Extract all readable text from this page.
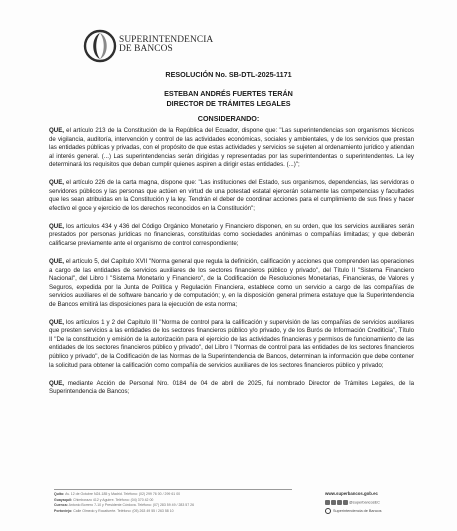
SUPERINTENDENCIA
DE BANCOS
RESOLUCIÓN No. SB-DTL-2025-1171
ESTEBAN ANDRÉS FUERTES TERÁN
DIRECTOR DE TRÁMITES LEGALES
CONSIDERANDO:

QUE, el artículo 213 de la Constitución de la República del Ecuador, dispone que: "Las superintendencias son organismos técnicos de vigilancia, auditoría, intervención y control de las actividades económicas, sociales y ambientales, y de los servicios que prestan las entidades públicas y privadas, con el propósito de que estas actividades y servicios se sujeten al ordenamiento jurídico y atiendan al interés general. (...) Las superintendencias serán dirigidas y representadas por las superintendentas o superintendentes. La ley determinará los requisitos que deban cumplir quienes aspiren a dirigir estas entidades. (...)";

QUE, el artículo 226 de la carta magna, dispone que: "Las instituciones del Estado, sus organismos, dependencias, las servidoras o servidores públicos y las personas que actúen en virtud de una potestad estatal ejercerán solamente las competencias y facultades que les sean atribuidas en la Constitución y la ley. Tendrán el deber de coordinar acciones para el cumplimiento de sus fines y hacer efectivo el goce y ejercicio de los derechos reconocidos en la Constitución";

QUE, los artículos 434 y 436 del Código Orgánico Monetario y Financiero disponen, en su orden, que los servicios auxiliares serán prestados por personas jurídicas no financieras, constituidas como sociedades anónimas o compañías limitadas; y que deberán calificarse previamente ante el organismo de control correspondiente;

QUE, el artículo 5, del Capítulo XVII "Norma general que regula la definición, calificación y acciones que comprenden las operaciones a cargo de las entidades de servicios auxiliares de los sectores financieros público y privado", del Título II "Sistema Financiero Nacional", del Libro I "Sistema Monetario y Financiero", de la Codificación de Resoluciones Monetarias, Financieras, de Valores y Seguros, expedida por la Junta de Política y Regulación Financiera, establece como un servicio a cargo de las compañías de servicios auxiliares el de software bancario y de computación; y, en la disposición general primera estatuye que la Superintendencia de Bancos emitirá las disposiciones para la ejecución de esta norma;

QUE, los artículos 1 y 2 del Capítulo III "Norma de control para la calificación y supervisión de las compañías de servicios auxiliares que presten servicios a las entidades de los sectores financieros público y/o privado, y de los Burós de Información Crediticia", Título II "De la constitución y emisión de la autorización para el ejercicio de las actividades financieras y permisos de funcionamiento de las entidades de los sectores financieros público y privado", del Libro I "Normas de control para las entidades de los sectores financieros público y privado", de la Codificación de las Normas de la Superintendencia de Bancos, determinan la información que debe contener la solicitud para obtener la calificación como compañía de servicios auxiliares de los sectores financieros público y privado;

QUE, mediante Acción de Personal Nro. 0184 de 04 de abril de 2025, fui nombrado Director de Trámites Legales, de la Superintendencia de Bancos;

Quito: Av. 12 de Octubre N24-185 y Madrid. Teléfono: (02) 299 76 00 / 299 61 00
Guayaquil: Chimborazo 412 y Aguirre. Teléfono: (04) 370 42 00
Cuenca: Antonio Borrero 7-10 y Presidente Córdova. Teléfono: (07) 283 59 49 / 283 57 26
Portoviejo: Calle Olmedo y Rocafuerte. Teléfono: (05) 263 49 55 / 263 58 10
www.superbancos.gob.ec
@superbancosEC
Superintendencia de Bancos
